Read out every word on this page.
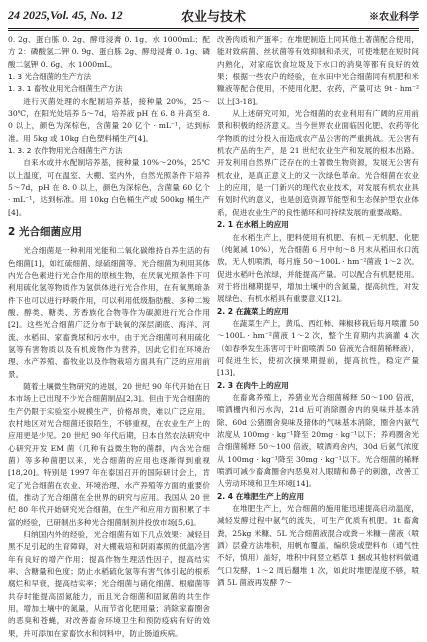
24 2025,Vol. 45, No. 12	农业与技术	※农业科学

0. 2g、蛋白胨 0. 2g、酵母浸膏 0. 1g、水 1000mL；配方 2：磷酸氢二钾 0. 9g、蛋白胨 2g、酵母浸膏 0. 1g、磷酸二氢钾 0. 6g、水 1000mL。

1. 3 光合细菌的生产方法
1. 3. 1 畜牧业用光合细菌生产方法

进行灭菌处理的水配制培养基，接种量 20%，25～30℃，在阳光处培养 5～7d，培养液 pH 在 6. 8 升高至 8. 0 以上，颜色为深棕色，含菌量 20 亿个 · mL⁻¹，达到标准。用 5kg 或 10kg 白色塑料桶生产[4]。

1. 3. 2 农作物用光合细菌生产方法

自来水或井水配制培养基，接种量 10%～20%，25℃以上温度，可在温室、大棚、室内外，自然光照条件下培养 5～7d，pH 在 8. 0 以上，颜色为深棕色，含菌量 60 亿个 · mL⁻¹，达到标准。用 10kg 白色桶生产或 500kg 桶生产[4]。

2 光合细菌应用

光合细菌是一种利用光能和二氧化碳维持自养生活的有色细菌[1]，如红硫细菌、绿硫细菌等。光合细菌为利用其体内光合色素进行光合作用的原核生物，在厌氧光照条件下可利用硫化氢等物质作为氢供体进行光合作用，在有氧黑暗条件下也可以进行呼吸作用，可以利用低级脂肪酸、多种二羧酸、醇类、糖类、芳香族化合物等作为碳源进行光合作用[2]。这些光合细菌广泛分布于缺氧的深层湖底、海洋、河流、水稻田、家畜粪尿和污水中，由于光合细菌可利用硫化氢等有害物质以及有机废物作为营养，因此它们在环境治理、水产养殖、畜牧业以及作物栽培方面具有广泛的应用前景。

随着土壤微生物研究的进展，20 世纪 90 年代开始在日本市场上已出现不少光合细菌制品[2,3]。但由于光合细菌的生产仍限于实验室小规模生产，价格昂贵，难以广泛应用。农村地区对光合细菌还很陌生，不够重视，在农业生产上的应用更是少见。20 世纪 90 年代后期，日本自然农法研究中心研究开发 EM 菌（几种有益微生物的菌群，内含光合细菌）等多种菌肥以来，光合细菌的应用也逐渐得到重视[18,20]。特别是 1997 年在泰国召开的国际研讨会上，肯定了光合细菌在农业、环境治理、水产养殖等方面的重要价值，推动了光合细菌在全世界的研究与应用。我国从 20 世纪 80 年代开始研究光合细菌，在生产和应用方面积累了丰富的经验，已研制出多种光合细菌制剂并投放市场[5,6]。

归纳国内外的经验，光合细菌有如下几点效果：减轻目黑不足引起的生育障碍，对大棚栽培和阴雨寡照的低温冷害年有良好的增产作用；提高作物生理活性因子，提高结实率、含糖量和色度；防止水稻硫化氢等有害气体引起的根系腐烂和早衰，提高结实率；光合细菌与硝化细菌、根瘤菌等共存时能提高固氮能力，而且光合细菌和固氮菌的共生作用，增加土壤中的氮量，从而节省化肥用量；消除家畜圈舍的恶臭和苍蝇，对改善畜舍环境卫生和预防疫病有好的效果，并可添加在家畜饮水和饲料中，防止肠道疾病。

改善肉质和产蛋率；在堆肥制造上同其他土著菌配合使用，能对致病菌、丝状菌等有效抑制和杀灭，可使堆肥在短时间内熟化，对家庭饮食垃圾及下水口的消臭等都有良好的效果；根据一些农户的经验，在水田中光合细菌同有机肥和米糠液等配合使用，不使用化肥、农药，产量可达 9t · hm⁻²以上[3-18]。

从上述研究可知，光合细菌的农业利用有广阔的应用前景和积极的经济意义。当今世界农业面临因化肥、农药等化学物质的过分投入而造成农产品公害的严重挑战。无公害有机农产品的生产，是 21 世纪农业生产和发展的根本出路。开发利用自然界广泛存在的土著微生物资源，发展无公害有机农业，是真正意义上的又一次绿色革命。光合细菌在农业上的应用，是一门新兴的现代农业技术，对发展有机农业具有划时代的意义，也是创造资源节能型和生态保护型农业体系，促进农业生产的良性循环和可持续发展的重要战略。

2. 1 在水稻上的应用

在水稻生产上，肥料使用有机肥、有机－无机肥、化肥（纯氮减 10%），光合细菌 6 月中旬～8 月末从稻田水口流放，无人机喷洒，每月施 50～100L · hm⁻²菌液 1～2 次。促进水稻叶色浓绿，并能提高产量。可以配合有机肥使用。对于将出穗期提早，增加土壤中的含氮量，提高抗性，对发展绿色、有机水稻具有重要意义[12]。

2. 2 在蔬菜上的应用

在蔬菜生产上，黄瓜、西红柿、辣椒移栽后每月喷灌 50～100L · hm⁻²菌液 1～2 次，整个生育期内共滴灌 4 次（如春季发生冻害可于叶面喷洒 50 倍液光合细菌稀释液），可促进生长，使初次摘果期提前，提高抗性，稳定产量[13]。

2. 3 在肉牛上的应用

在畜禽养殖上，养猪业光合细菌稀释 50～100 倍液，喷洒栅内和污水沟，21d 后可消除圈舍内的臭味并基本消除、60d 公猪圈舍臭味及猪体的气味基本消除，圈舍内氨气浓度从 100mg · kg⁻¹降至 20mg · kg⁻¹以下；养鸡圈舍光合细菌稀释 50～100 倍液，喷洒鸡舍内，30d 后氨气浓度从 100mg · kg⁻¹降至 30mg · kg⁻¹以下。光合细菌的稀释喷洒可减少畜禽圈舍内恶臭对人眼睛和鼻子的刺激，改善工人劳动环境和卫生环境[14]。

2. 4 在堆肥生产上的应用

在堆肥生产上，光合细菌的施用能迅速提高启动温度，减轻发酵过程中氨气的流失，可生产优质有机肥。1t 畜禽粪，25kg 米糠、5L 光合细菌液混合或粪－米糠－菌液（喷洒）层叠方法堆积，用帆布覆盖，编织袋或塑料布（通气性不好，慎用）盖好，堆积中间竖立稻草 1 捆或其他材料做通气口发酵，1～2 周后翻堆 1 次，如此时堆肥湿度不够，喷洒 5L 菌液再发酵 7～
